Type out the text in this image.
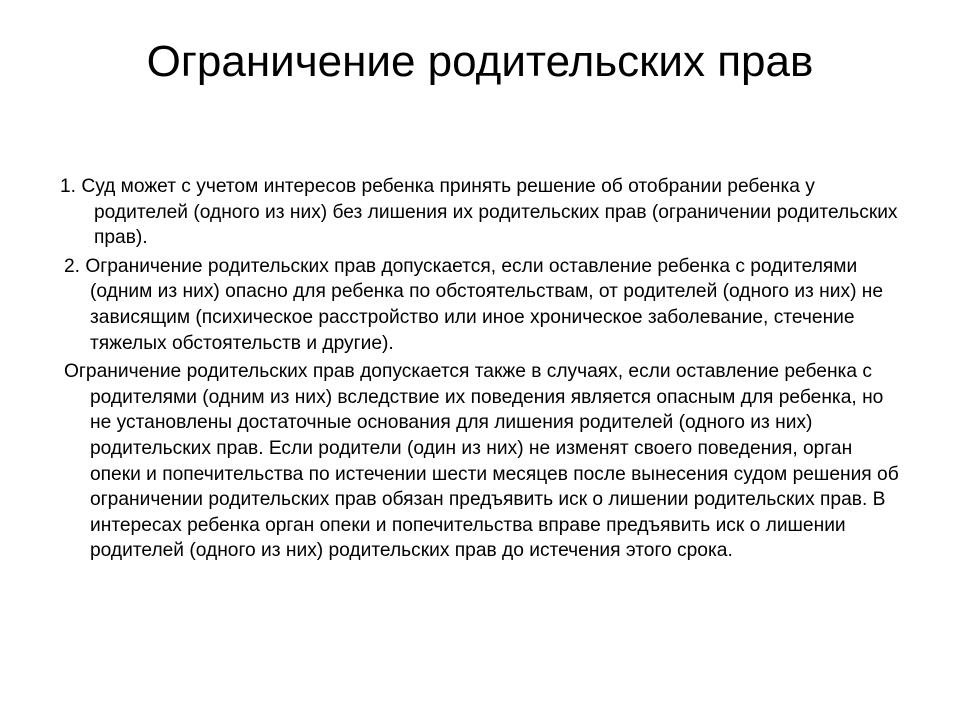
Ограничение родительских прав

1. Суд может с учетом интересов ребенка принять решение об отобрании ребенка у родителей (одного из них) без лишения их родительских прав (ограничении родительских прав).

2. Ограничение родительских прав допускается, если оставление ребенка с родителями (одним из них) опасно для ребенка по обстоятельствам, от родителей (одного из них) не зависящим (психическое расстройство или иное хроническое заболевание, стечение тяжелых обстоятельств и другие).

Ограничение родительских прав допускается также в случаях, если оставление ребенка с родителями (одним из них) вследствие их поведения является опасным для ребенка, но не установлены достаточные основания для лишения родителей (одного из них) родительских прав. Если родители (один из них) не изменят своего поведения, орган опеки и попечительства по истечении шести месяцев после вынесения судом решения об ограничении родительских прав обязан предъявить иск о лишении родительских прав. В интересах ребенка орган опеки и попечительства вправе предъявить иск о лишении родителей (одного из них) родительских прав до истечения этого срока.
